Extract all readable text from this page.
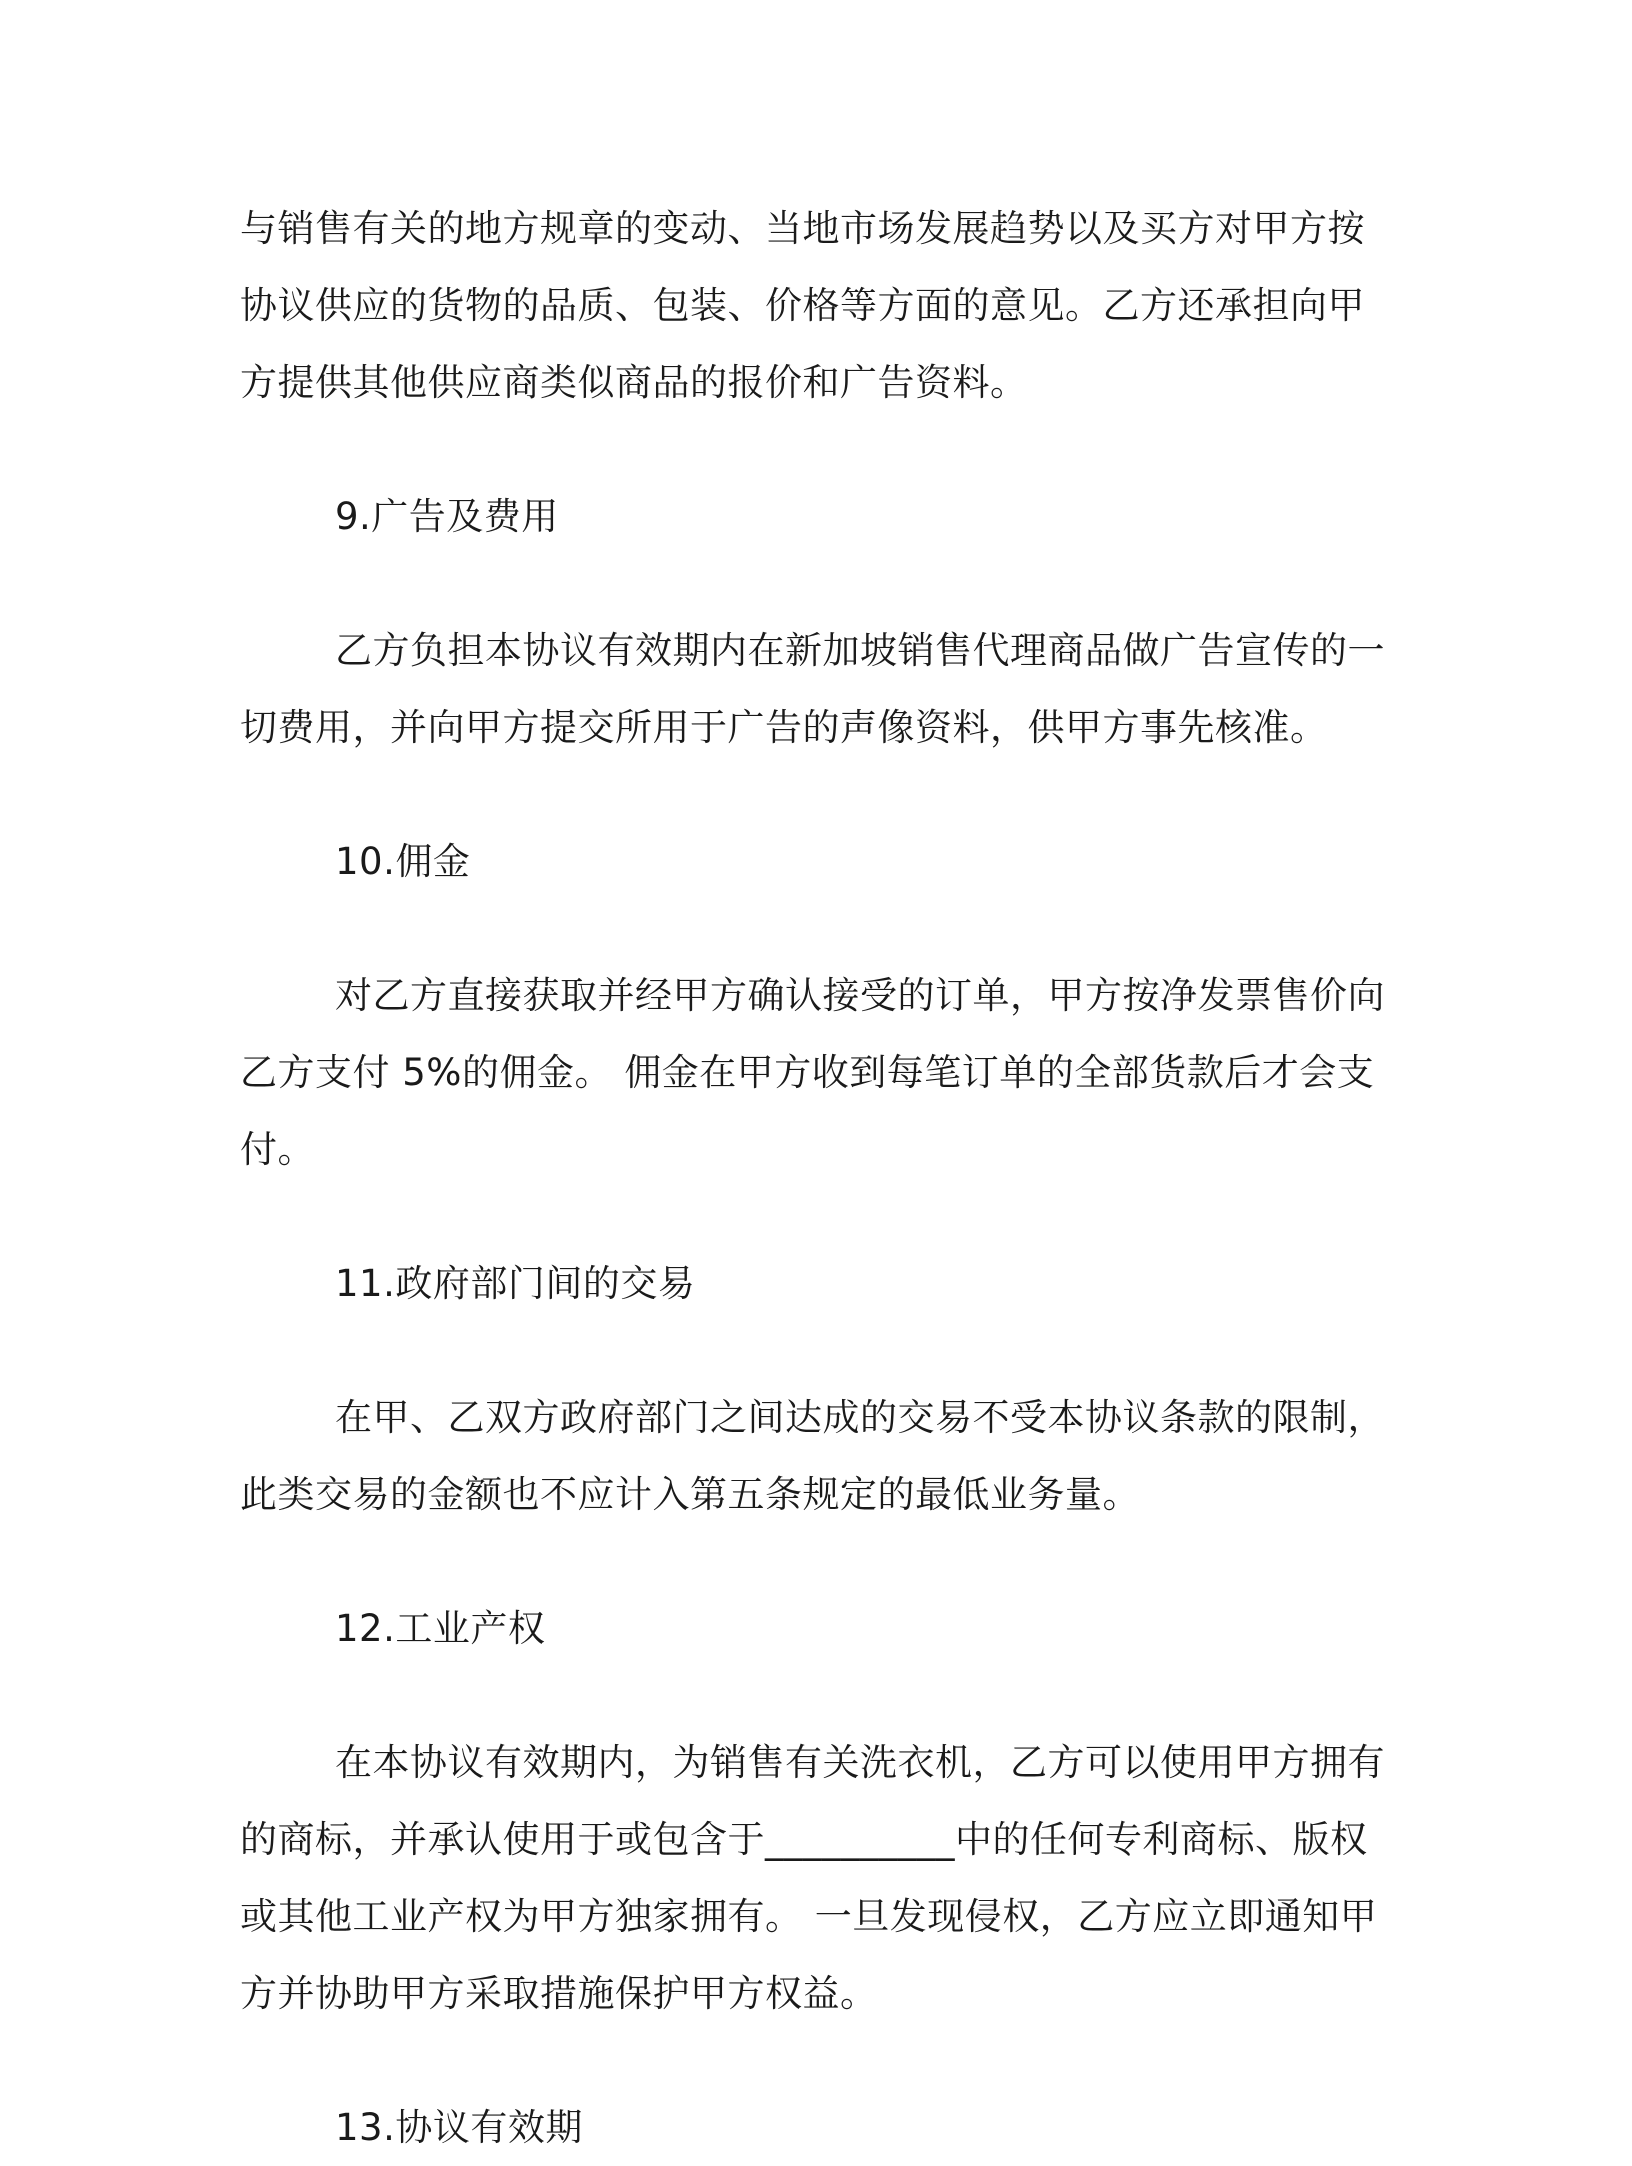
与销售有关的地方规章的变动、当地市场发展趋势以及买方对甲方按
协议供应的货物的品质、包装、价格等方面的意见。乙方还承担向甲
方提供其他供应商类似商品的报价和广告资料。
9.广告及费用
乙方负担本协议有效期内在新加坡销售代理商品做广告宣传的一
切费用，并向甲方提交所用于广告的声像资料，供甲方事先核准。
10.佣金
对乙方直接获取并经甲方确认接受的订单，甲方按净发票售价向
乙方支付 5%的佣金。 佣金在甲方收到每笔订单的全部货款后才会支
付。
11.政府部门间的交易
在甲、乙双方政府部门之间达成的交易不受本协议条款的限制，
此类交易的金额也不应计入第五条规定的最低业务量。
12.工业产权
在本协议有效期内，为销售有关洗衣机，乙方可以使用甲方拥有
的商标，并承认使用于或包含于__________中的任何专利商标、版权
或其他工业产权为甲方独家拥有。 一旦发现侵权，乙方应立即通知甲
方并协助甲方采取措施保护甲方权益。
13.协议有效期
